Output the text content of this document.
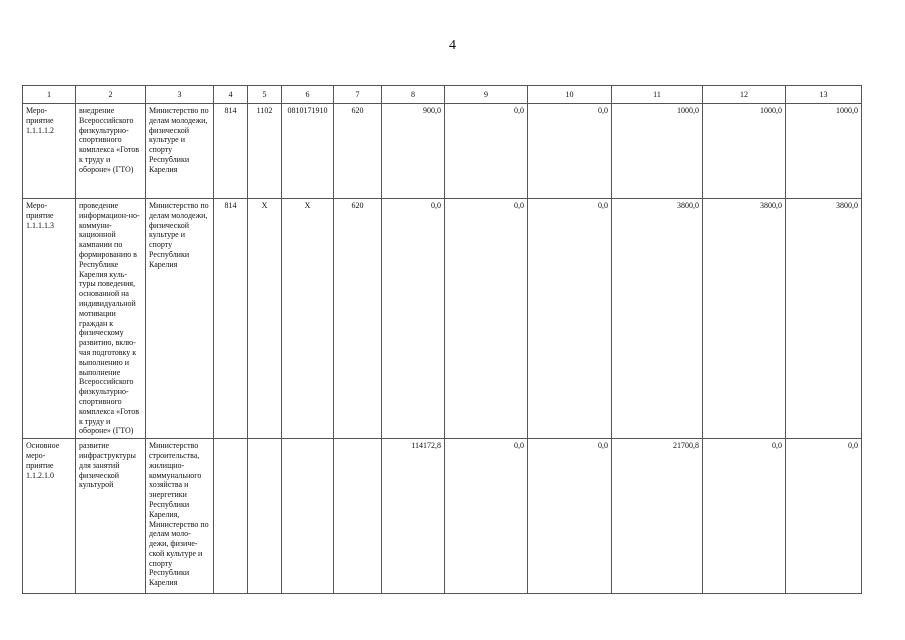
4
1	2	3	4	5	6	7	8	9	10	11	12	13
Меро-приятие 1.1.1.1.2	внедрение Всероссийского физкультурно-спортивного комплекса «Готов к труду и обороне» (ГТО)	Министерство по делам молодежи, физической культуре и спорту Республики Карелия	814	1102	0810171910	620	900,0	0,0	0,0	1000,0	1000,0	1000,0
Меро-приятие 1.1.1.1.3	проведение информацион-но-коммуни-кационной кампании по формированию в Республике Карелия куль-туры поведения, основанной на индивидуальной мотивации граждан к физическому развитию, вклю-чая подготовку к выполнению и выполнение Всероссийского физкультурно-спортивного комплекса «Готов к труду и обороне» (ГТО)	Министерство по делам молодежи, физической культуре и спорту Республики Карелия	814	X	X	620	0,0	0,0	0,0	3800,0	3800,0	3800,0
Основное меро-приятие 1.1.2.1.0	развитие инфраструктуры для занятий физической культурой	Министерство строительства, жилищно-коммунального хозяйства и энергетики Республики Карелия, Министерство по делам моло-дежи, физиче-ской культуре и спорту Республики Карелия					114172,8	0,0	0,0	21700,8	0,0	0,0
